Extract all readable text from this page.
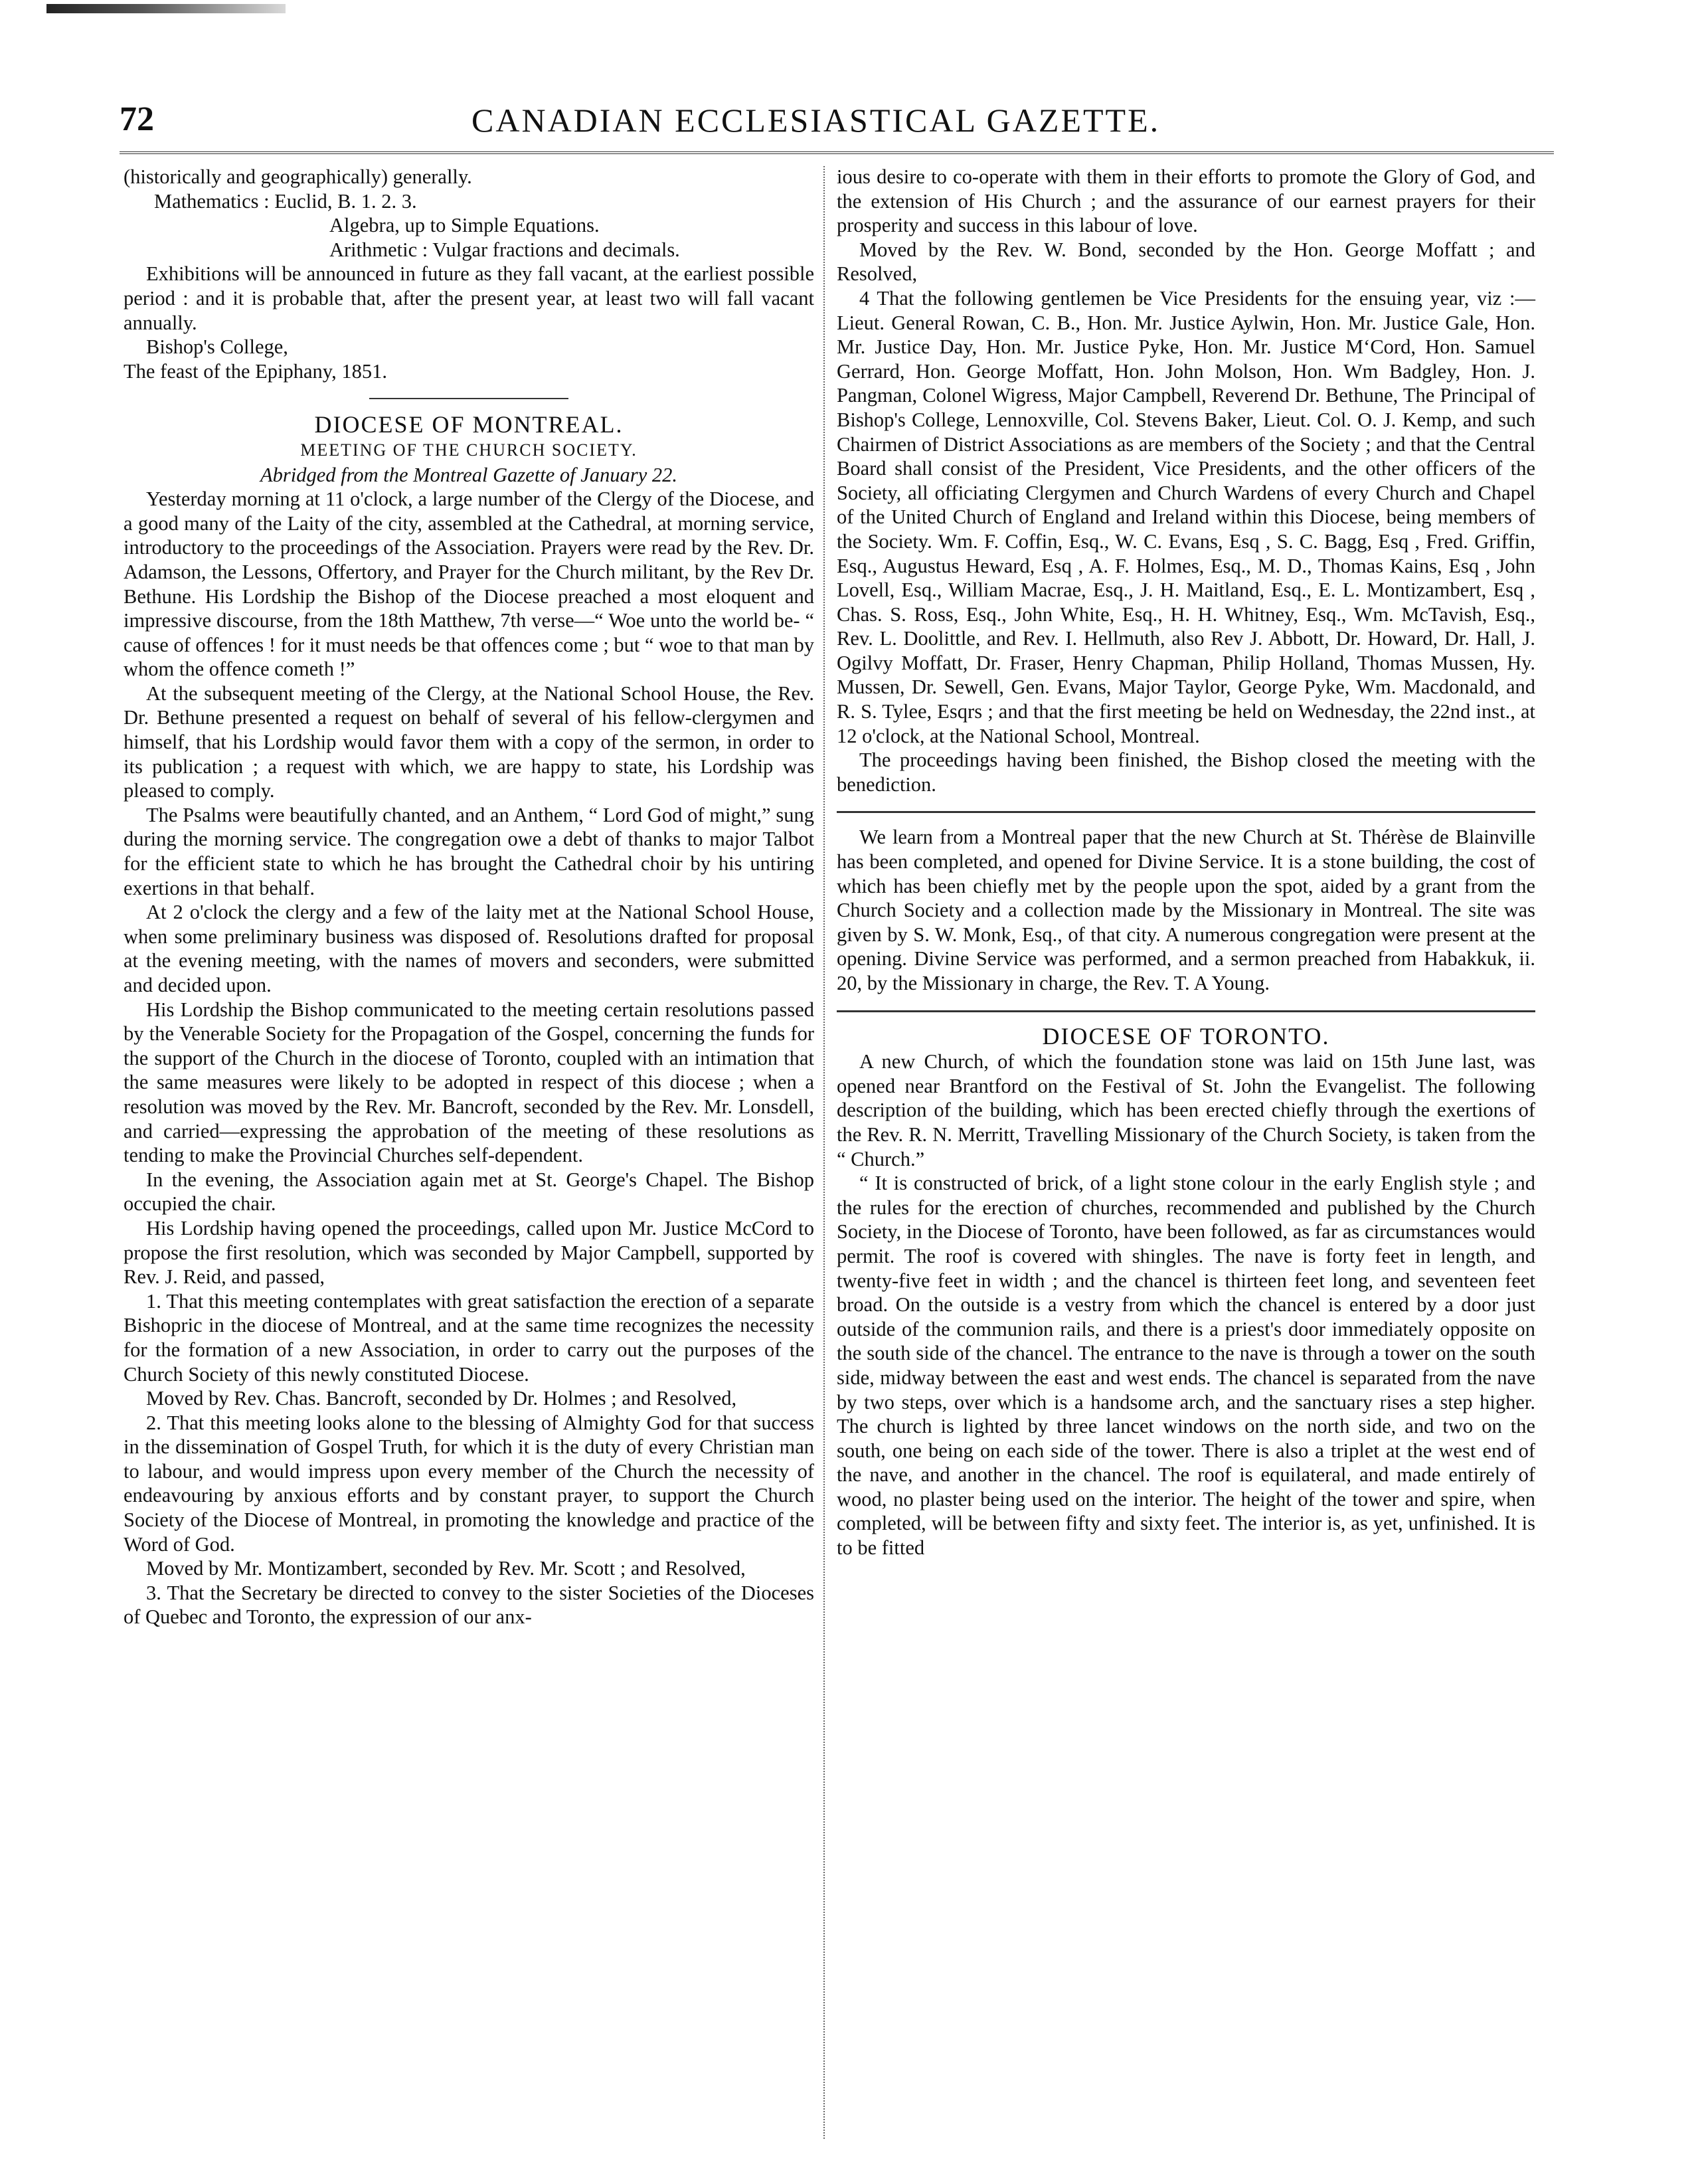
72	CANADIAN ECCLESIASTICAL GAZETTE.

(historically and geographically) generally.

Mathematics : Euclid, B. 1. 2. 3.

Algebra, up to Simple Equations.

Arithmetic : Vulgar fractions and decimals.

Exhibitions will be announced in future as they fall vacant, at the earliest possible period : and it is probable that, after the present year, at least two will fall vacant annually.

Bishop's College,

The feast of the Epiphany, 1851.

DIOCESE OF MONTREAL.
MEETING OF THE CHURCH SOCIETY.
Abridged from the Montreal Gazette of January 22.

Yesterday morning at 11 o'clock, a large number of the Clergy of the Diocese, and a good many of the Laity of the city, assembled at the Cathedral, at morning service, introductory to the proceedings of the Association. Prayers were read by the Rev. Dr. Adamson, the Lessons, Offertory, and Prayer for the Church militant, by the Rev Dr. Bethune. His Lordship the Bishop of the Diocese preached a most eloquent and impressive discourse, from the 18th Matthew, 7th verse—“ Woe unto the world be- “ cause of offences ! for it must needs be that offences come ; but “ woe to that man by whom the offence cometh !”

At the subsequent meeting of the Clergy, at the National School House, the Rev. Dr. Bethune presented a request on behalf of several of his fellow-clergymen and himself, that his Lordship would favor them with a copy of the sermon, in order to its publication ; a request with which, we are happy to state, his Lordship was pleased to comply.

The Psalms were beautifully chanted, and an Anthem, “ Lord God of might,” sung during the morning service. The congregation owe a debt of thanks to major Talbot for the efficient state to which he has brought the Cathedral choir by his untiring exertions in that behalf.

At 2 o'clock the clergy and a few of the laity met at the National School House, when some preliminary business was disposed of. Resolutions drafted for proposal at the evening meeting, with the names of movers and seconders, were submitted and decided upon.

His Lordship the Bishop communicated to the meeting certain resolutions passed by the Venerable Society for the Propagation of the Gospel, concerning the funds for the support of the Church in the diocese of Toronto, coupled with an intimation that the same measures were likely to be adopted in respect of this diocese ; when a resolution was moved by the Rev. Mr. Bancroft, seconded by the Rev. Mr. Lonsdell, and carried—expressing the approbation of the meeting of these resolutions as tending to make the Provincial Churches self-dependent.

In the evening, the Association again met at St. George's Chapel. The Bishop occupied the chair.

His Lordship having opened the proceedings, called upon Mr. Justice McCord to propose the first resolution, which was seconded by Major Campbell, supported by Rev. J. Reid, and passed,

1. That this meeting contemplates with great satisfaction the erection of a separate Bishopric in the diocese of Montreal, and at the same time recognizes the necessity for the formation of a new Association, in order to carry out the purposes of the Church Society of this newly constituted Diocese.

Moved by Rev. Chas. Bancroft, seconded by Dr. Holmes ; and Resolved,

2. That this meeting looks alone to the blessing of Almighty God for that success in the dissemination of Gospel Truth, for which it is the duty of every Christian man to labour, and would impress upon every member of the Church the necessity of endeavouring by anxious efforts and by constant prayer, to support the Church Society of the Diocese of Montreal, in promoting the knowledge and practice of the Word of God.

Moved by Mr. Montizambert, seconded by Rev. Mr. Scott ; and Resolved,

3. That the Secretary be directed to convey to the sister Societies of the Dioceses of Quebec and Toronto, the expression of our anx-

ious desire to co-operate with them in their efforts to promote the Glory of God, and the extension of His Church ; and the assurance of our earnest prayers for their prosperity and success in this labour of love.

Moved by the Rev. W. Bond, seconded by the Hon. George Moffatt ; and Resolved,

4 That the following gentlemen be Vice Presidents for the ensuing year, viz :—Lieut. General Rowan, C. B., Hon. Mr. Justice Aylwin, Hon. Mr. Justice Gale, Hon. Mr. Justice Day, Hon. Mr. Justice Pyke, Hon. Mr. Justice M‘Cord, Hon. Samuel Gerrard, Hon. George Moffatt, Hon. John Molson, Hon. Wm Badgley, Hon. J. Pangman, Colonel Wigress, Major Campbell, Reverend Dr. Bethune, The Principal of Bishop's College, Lennoxville, Col. Stevens Baker, Lieut. Col. O. J. Kemp, and such Chairmen of District Associations as are members of the Society ; and that the Central Board shall consist of the President, Vice Presidents, and the other officers of the Society, all officiating Clergymen and Church Wardens of every Church and Chapel of the United Church of England and Ireland within this Diocese, being members of the Society. Wm. F. Coffin, Esq., W. C. Evans, Esq , S. C. Bagg, Esq , Fred. Griffin, Esq., Augustus Heward, Esq , A. F. Holmes, Esq., M. D., Thomas Kains, Esq , John Lovell, Esq., William Macrae, Esq., J. H. Maitland, Esq., E. L. Montizambert, Esq , Chas. S. Ross, Esq., John White, Esq., H. H. Whitney, Esq., Wm. McTavish, Esq., Rev. L. Doolittle, and Rev. I. Hellmuth, also Rev J. Abbott, Dr. Howard, Dr. Hall, J. Ogilvy Moffatt, Dr. Fraser, Henry Chapman, Philip Holland, Thomas Mussen, Hy. Mussen, Dr. Sewell, Gen. Evans, Major Taylor, George Pyke, Wm. Macdonald, and R. S. Tylee, Esqrs ; and that the first meeting be held on Wednesday, the 22nd inst., at 12 o'clock, at the National School, Montreal.

The proceedings having been finished, the Bishop closed the meeting with the benediction.

We learn from a Montreal paper that the new Church at St. Thérèse de Blainville has been completed, and opened for Divine Service. It is a stone building, the cost of which has been chiefly met by the people upon the spot, aided by a grant from the Church Society and a collection made by the Missionary in Montreal. The site was given by S. W. Monk, Esq., of that city. A numerous congregation were present at the opening. Divine Service was performed, and a sermon preached from Habakkuk, ii. 20, by the Missionary in charge, the Rev. T. A Young.

DIOCESE OF TORONTO.

A new Church, of which the foundation stone was laid on 15th June last, was opened near Brantford on the Festival of St. John the Evangelist. The following description of the building, which has been erected chiefly through the exertions of the Rev. R. N. Merritt, Travelling Missionary of the Church Society, is taken from the “ Church.”

“ It is constructed of brick, of a light stone colour in the early English style ; and the rules for the erection of churches, recommended and published by the Church Society, in the Diocese of Toronto, have been followed, as far as circumstances would permit. The roof is covered with shingles. The nave is forty feet in length, and twenty-five feet in width ; and the chancel is thirteen feet long, and seventeen feet broad. On the outside is a vestry from which the chancel is entered by a door just outside of the communion rails, and there is a priest's door immediately opposite on the south side of the chancel. The entrance to the nave is through a tower on the south side, midway between the east and west ends. The chancel is separated from the nave by two steps, over which is a handsome arch, and the sanctuary rises a step higher. The church is lighted by three lancet windows on the north side, and two on the south, one being on each side of the tower. There is also a triplet at the west end of the nave, and another in the chancel. The roof is equilateral, and made entirely of wood, no plaster being used on the interior. The height of the tower and spire, when completed, will be between fifty and sixty feet. The interior is, as yet, unfinished. It is to be fitted
